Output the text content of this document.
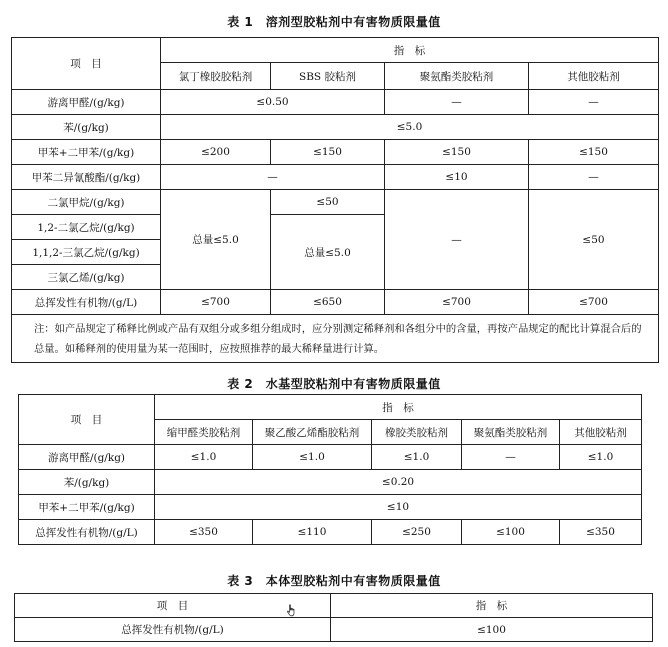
表 1　溶剂型胶粘剂中有害物质限量值
项　目	指　标			
	氯丁橡胶胶粘剂	SBS 胶粘剂	聚氨酯类胶粘剂	其他胶粘剂
游离甲醛/(g/kg)	≤0.50		—	—
苯/(g/kg)	≤5.0			
甲苯+二甲苯/(g/kg)	≤200	≤150	≤150	≤150
甲苯二异氰酸酯/(g/kg)	—		≤10	—
二氯甲烷/(g/kg)	总量≤5.0	≤50	—	≤50
1,2-二氯乙烷/(g/kg)		总量≤5.0		
1,1,2-三氯乙烷/(g/kg)				
三氯乙烯/(g/kg)				
总挥发性有机物/(g/L)	≤700	≤650	≤700	≤700
注：如产品规定了稀释比例或产品有双组分或多组分组成时，应分别测定稀释剂和各组分中的含量，再按产品规定的配比计算混合后的总量。如稀释剂的使用量为某一范围时，应按照推荐的最大稀释量进行计算。				
表 2　水基型胶粘剂中有害物质限量值
项　目	指　标				
	缩甲醛类胶粘剂	聚乙酸乙烯酯胶粘剂	橡胶类胶粘剂	聚氨酯类胶粘剂	其他胶粘剂
游离甲醛/(g/kg)	≤1.0	≤1.0	≤1.0	—	≤1.0
苯/(g/kg)	≤0.20				
甲苯+二甲苯/(g/kg)	≤10				
总挥发性有机物/(g/L)	≤350	≤110	≤250	≤100	≤350
表 3　本体型胶粘剂中有害物质限量值
项　目	指　标
总挥发性有机物/(g/L)	≤100
